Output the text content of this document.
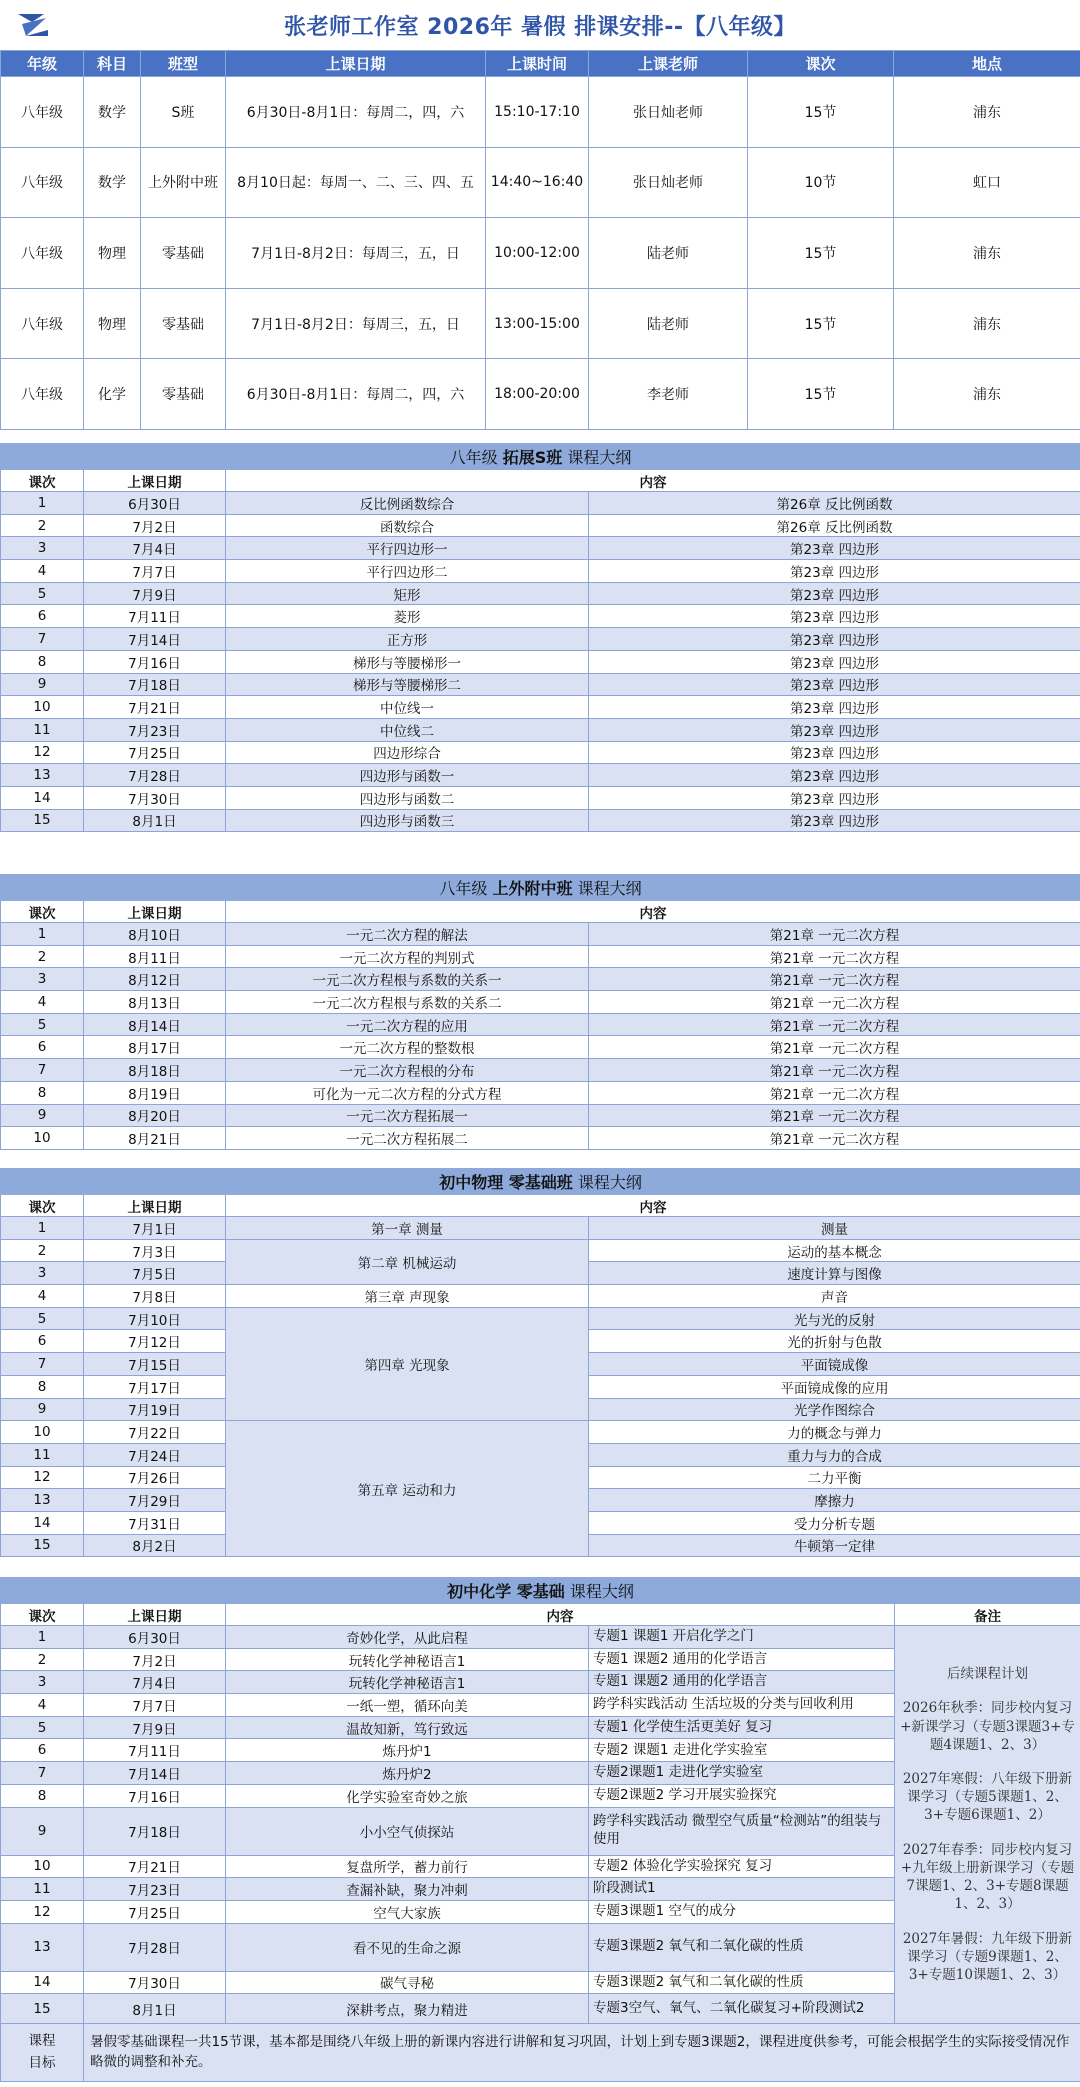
张老师工作室 2026年 暑假 排课安排--【八年级】
年级	科目	班型	上课日期	上课时间	上课老师	课次	地点
八年级	数学	S班	6月30日-8月1日：每周二，四，六	15:10-17:10	张日灿老师	15节	浦东
八年级	数学	上外附中班	8月10日起：每周一、二、三、四、五	14:40~16:40	张日灿老师	10节	虹口
八年级	物理	零基础	7月1日-8月2日：每周三，五，日	10:00-12:00	陆老师	15节	浦东
八年级	物理	零基础	7月1日-8月2日：每周三，五，日	13:00-15:00	陆老师	15节	浦东
八年级	化学	零基础	6月30日-8月1日：每周二，四，六	18:00-20:00	李老师	15节	浦东
八年级 拓展S班 课程大纲			
课次	上课日期	内容	
1	6月30日	反比例函数综合	第26章 反比例函数
2	7月2日	函数综合	第26章 反比例函数
3	7月4日	平行四边形一	第23章 四边形
4	7月7日	平行四边形二	第23章 四边形
5	7月9日	矩形	第23章 四边形
6	7月11日	菱形	第23章 四边形
7	7月14日	正方形	第23章 四边形
8	7月16日	梯形与等腰梯形一	第23章 四边形
9	7月18日	梯形与等腰梯形二	第23章 四边形
10	7月21日	中位线一	第23章 四边形
11	7月23日	中位线二	第23章 四边形
12	7月25日	四边形综合	第23章 四边形
13	7月28日	四边形与函数一	第23章 四边形
14	7月30日	四边形与函数二	第23章 四边形
15	8月1日	四边形与函数三	第23章 四边形
八年级 上外附中班 课程大纲			
课次	上课日期	内容	
1	8月10日	一元二次方程的解法	第21章 一元二次方程
2	8月11日	一元二次方程的判别式	第21章 一元二次方程
3	8月12日	一元二次方程根与系数的关系一	第21章 一元二次方程
4	8月13日	一元二次方程根与系数的关系二	第21章 一元二次方程
5	8月14日	一元二次方程的应用	第21章 一元二次方程
6	8月17日	一元二次方程的整数根	第21章 一元二次方程
7	8月18日	一元二次方程根的分布	第21章 一元二次方程
8	8月19日	可化为一元二次方程的分式方程	第21章 一元二次方程
9	8月20日	一元二次方程拓展一	第21章 一元二次方程
10	8月21日	一元二次方程拓展二	第21章 一元二次方程
初中物理 零基础班 课程大纲			
课次	上课日期	内容	
1	7月1日	第一章 测量	测量
2	7月3日	第二章 机械运动	运动的基本概念
3	7月5日		速度计算与图像
4	7月8日	第三章 声现象	声音
5	7月10日	第四章 光现象	光与光的反射
6	7月12日		光的折射与色散
7	7月15日		平面镜成像
8	7月17日		平面镜成像的应用
9	7月19日		光学作图综合
10	7月22日	第五章 运动和力	力的概念与弹力
11	7月24日		重力与力的合成
12	7月26日		二力平衡
13	7月29日		摩擦力
14	7月31日		受力分析专题
15	8月2日		牛顿第一定律
初中化学 零基础 课程大纲				
课次	上课日期	内容		备注
1	6月30日	奇妙化学，从此启程	专题1 课题1 开启化学之门	后续课程计划

2026年秋季：同步校内复习+新课学习（专题3课题3+专题4课题1、2、3）

2027年寒假：八年级下册新课学习（专题5课题1、2、3+专题6课题1、2）

2027年春季：同步校内复习+九年级上册新课学习（专题7课题1、2、3+专题8课题1、2、3）

2027年暑假：九年级下册新课学习（专题9课题1、2、3+专题10课题1、2、3）

2	7月2日	玩转化学神秘语言1	专题1 课题2 通用的化学语言	
3	7月4日	玩转化学神秘语言1	专题1 课题2 通用的化学语言	
4	7月7日	一纸一塑，循环向美	跨学科实践活动 生活垃圾的分类与回收利用	
5	7月9日	温故知新，笃行致远	专题1 化学使生活更美好 复习	
6	7月11日	炼丹炉1	专题2 课题1 走进化学实验室	
7	7月14日	炼丹炉2	专题2课题1 走进化学实验室	
8	7月16日	化学实验室奇妙之旅	专题2课题2 学习开展实验探究	
9	7月18日	小小空气侦探站	跨学科实践活动 微型空气质量“检测站”的组装与使用	
10	7月21日	复盘所学，蓄力前行	专题2 体验化学实验探究 复习	
11	7月23日	查漏补缺，聚力冲刺	阶段测试1	
12	7月25日	空气大家族	专题3课题1 空气的成分	
13	7月28日	看不见的生命之源	专题3课题2 氧气和二氧化碳的性质	
14	7月30日	碳气寻秘	专题3课题2 氧气和二氧化碳的性质	
15	8月1日	深耕考点，聚力精进	专题3空气、氧气、二氧化碳复习+阶段测试2	

课程
目标	暑假零基础课程一共15节课，基本都是围绕八年级上册的新课内容进行讲解和复习巩固，计划上到专题3课题2，课程进度供参考，可能会根据学生的实际接受情况作略微的调整和补充。			
